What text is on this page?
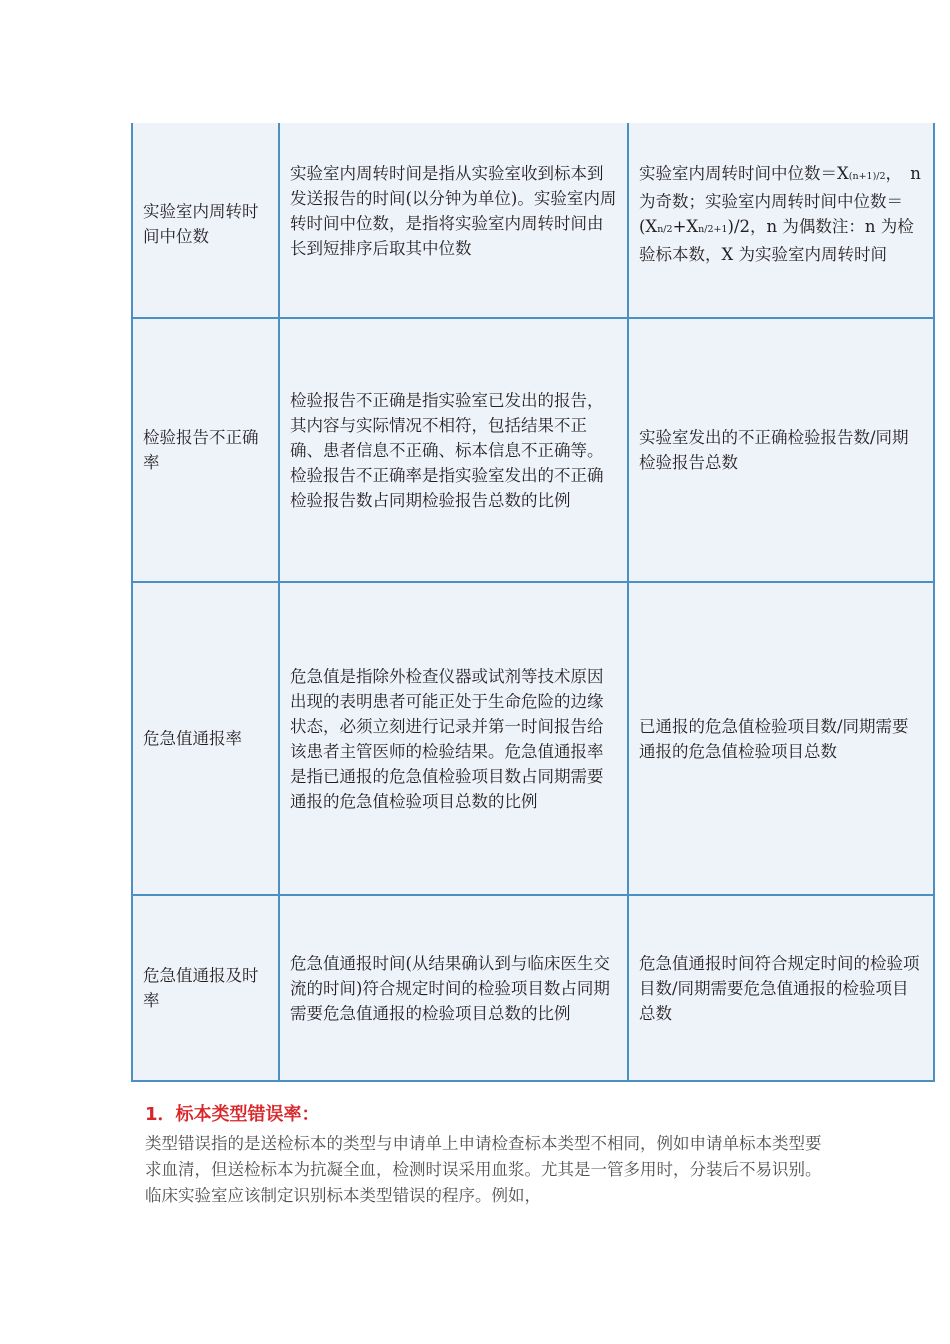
实验室内周转时间中位数	实验室内周转时间是指从实验室收到标本到发送报告的时间(以分钟为单位)。实验室内周转时间中位数，是指将实验室内周转时间由长到短排序后取其中位数	实验室内周转时间中位数＝X(n+1)/2，　n 为奇数；实验室内周转时间中位数＝(Xn/2+Xn/2+1)/2，n 为偶数注：n 为检验标本数，X 为实验室内周转时间

检验报告不正确率	检验报告不正确是指实验室已发出的报告，其内容与实际情况不相符，包括结果不正确、患者信息不正确、标本信息不正确等。检验报告不正确率是指实验室发出的不正确检验报告数占同期检验报告总数的比例	实验室发出的不正确检验报告数/同期检验报告总数

危急值通报率	危急值是指除外检查仪器或试剂等技术原因出现的表明患者可能正处于生命危险的边缘状态，必须立刻进行记录并第一时间报告给该患者主管医师的检验结果。危急值通报率是指已通报的危急值检验项目数占同期需要通报的危急值检验项目总数的比例	已通报的危急值检验项目数/同期需要通报的危急值检验项目总数

危急值通报及时率	危急值通报时间(从结果确认到与临床医生交流的时间)符合规定时间的检验项目数占同期需要危急值通报的检验项目总数的比例	危急值通报时间符合规定时间的检验项目数/同期需要危急值通报的检验项目总数
1．标本类型错误率：

类型错误指的是送检标本的类型与申请单上申请检查标本类型不相同，例如申请单标本类型要求血清，但送检标本为抗凝全血，检测时误采用血浆。尤其是一管多用时，分装后不易识别。临床实验室应该制定识别标本类型错误的程序。例如，
